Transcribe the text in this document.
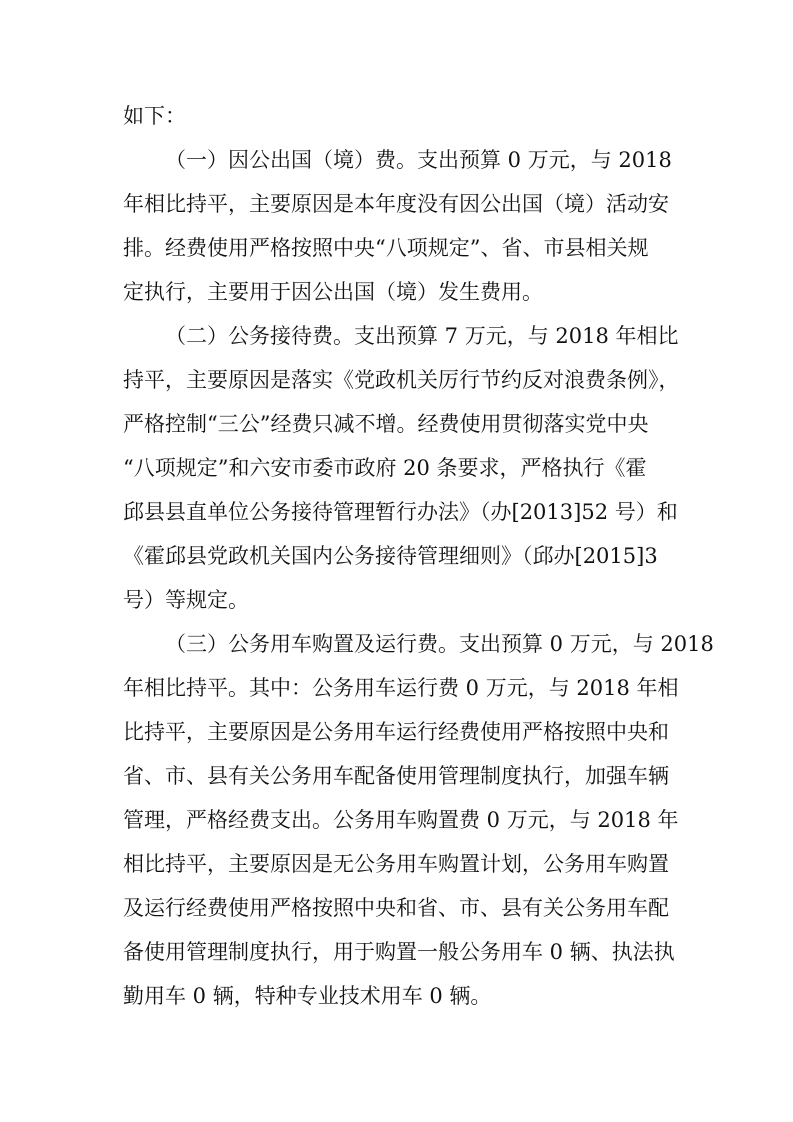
如下：
（一）因公出国（境）费。支出预算 0 万元，与 2018
年相比持平，主要原因是本年度没有因公出国（境）活动安
排。经费使用严格按照中央“八项规定”、省、市县相关规
定执行，主要用于因公出国（境）发生费用。
（二）公务接待费。支出预算 7 万元，与 2018 年相比
持平，主要原因是落实《党政机关厉行节约反对浪费条例》，
严格控制“三公”经费只减不增。经费使用贯彻落实党中央
“八项规定”和六安市委市政府 20 条要求，严格执行《霍
邱县县直单位公务接待管理暂行办法》（办[2013]52 号）和
《霍邱县党政机关国内公务接待管理细则》（邱办[2015]3
号）等规定。
（三）公务用车购置及运行费。支出预算 0 万元，与 2018
年相比持平。其中：公务用车运行费 0 万元，与 2018 年相
比持平，主要原因是公务用车运行经费使用严格按照中央和
省、市、县有关公务用车配备使用管理制度执行，加强车辆
管理，严格经费支出。公务用车购置费 0 万元，与 2018 年
相比持平，主要原因是无公务用车购置计划，公务用车购置
及运行经费使用严格按照中央和省、市、县有关公务用车配
备使用管理制度执行，用于购置一般公务用车 0 辆、执法执
勤用车 0 辆，特种专业技术用车 0 辆。
